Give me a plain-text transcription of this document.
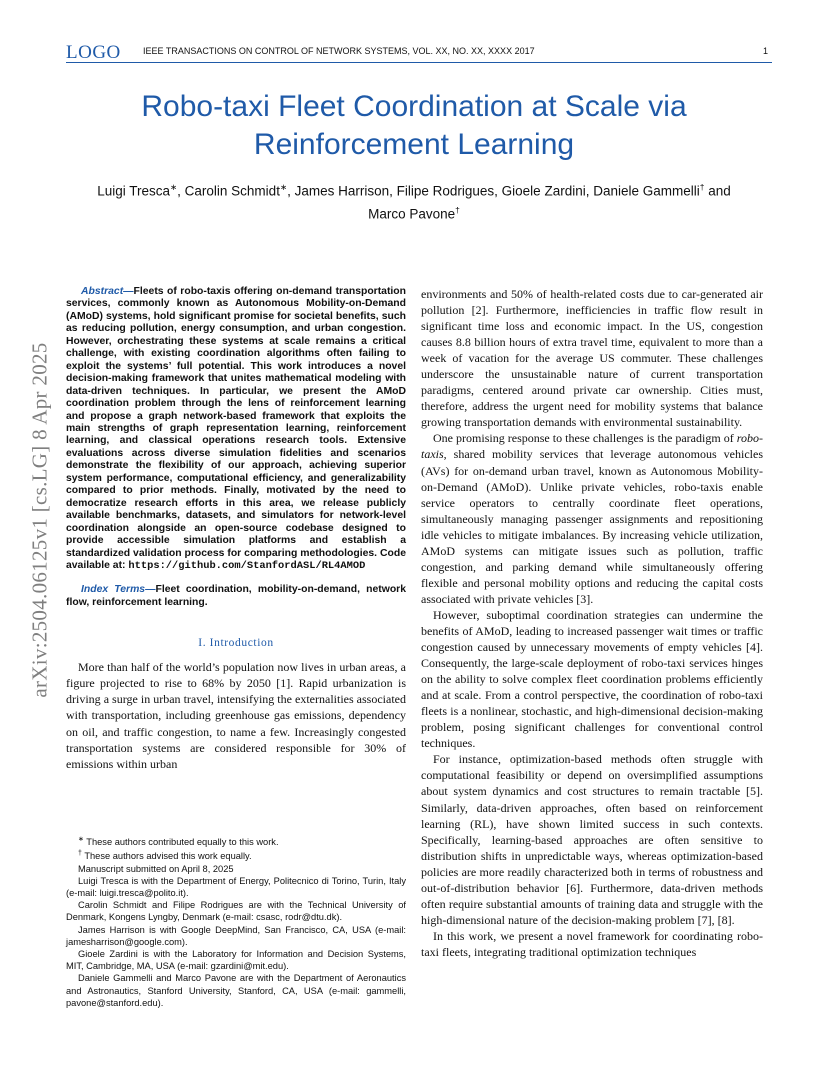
LOGO IEEE TRANSACTIONS ON CONTROL OF NETWORK SYSTEMS, VOL. XX, NO. XX, XXXX 2017	1
Robo-taxi Fleet Coordination at Scale via Reinforcement Learning
Luigi Tresca∗, Carolin Schmidt∗, James Harrison, Filipe Rodrigues, Gioele Zardini, Daniele Gammelli† and Marco Pavone†
arXiv:2504.06125v1 [cs.LG] 8 Apr 2025

Abstract—Fleets of robo-taxis offering on-demand transportation services, commonly known as Autonomous Mobility-on-Demand (AMoD) systems, hold significant promise for societal benefits, such as reducing pollution, energy consumption, and urban congestion. However, orchestrating these systems at scale remains a critical challenge, with existing coordination algorithms often failing to exploit the systems’ full potential. This work introduces a novel decision-making framework that unites mathematical modeling with data-driven techniques. In particular, we present the AMoD coordination problem through the lens of reinforcement learning and propose a graph network-based framework that exploits the main strengths of graph representation learning, reinforcement learning, and classical operations research tools. Extensive evaluations across diverse simulation fidelities and scenarios demonstrate the flexibility of our approach, achieving superior system performance, computational efficiency, and generalizability compared to prior methods. Finally, motivated by the need to democratize research efforts in this area, we release publicly available benchmarks, datasets, and simulators for network-level coordination alongside an open-source codebase designed to provide accessible simulation platforms and establish a standardized validation process for comparing methodologies. Code available at: https://github.com/StanfordASL/RL4AMOD

Index Terms—Fleet coordination, mobility-on-demand, network flow, reinforcement learning.

I. Introduction

More than half of the world’s population now lives in urban areas, a figure projected to rise to 68% by 2050 [1]. Rapid urbanization is driving a surge in urban travel, intensifying the externalities associated with transportation, including greenhouse gas emissions, dependency on oil, and traffic congestion, to name a few. Increasingly congested transportation systems are considered responsible for 30% of emissions within urban

∗ These authors contributed equally to this work.

† These authors advised this work equally.

Manuscript submitted on April 8, 2025

Luigi Tresca is with the Department of Energy, Politecnico di Torino, Turin, Italy (e-mail: luigi.tresca@polito.it).

Carolin Schmidt and Filipe Rodrigues are with the Technical University of Denmark, Kongens Lyngby, Denmark (e-mail: csasc, rodr@dtu.dk).

James Harrison is with Google DeepMind, San Francisco, CA, USA (e-mail: jamesharrison@google.com).

Gioele Zardini is with the Laboratory for Information and Decision Systems, MIT, Cambridge, MA, USA (e-mail: gzardini@mit.edu).

Daniele Gammelli and Marco Pavone are with the Department of Aeronautics and Astronautics, Stanford University, Stanford, CA, USA (e-mail: gammelli, pavone@stanford.edu).

environments and 50% of health-related costs due to car-generated air pollution [2]. Furthermore, inefficiencies in traffic flow result in significant time loss and economic impact. In the US, congestion causes 8.8 billion hours of extra travel time, equivalent to more than a week of vacation for the average US commuter. These challenges underscore the unsustainable nature of current transportation paradigms, centered around private car ownership. Cities must, therefore, address the urgent need for mobility systems that balance growing transportation demands with environmental sustainability.

One promising response to these challenges is the paradigm of robo-taxis, shared mobility services that leverage autonomous vehicles (AVs) for on-demand urban travel, known as Autonomous Mobility-on-Demand (AMoD). Unlike private vehicles, robo-taxis enable service operators to centrally coordinate fleet operations, simultaneously managing passenger assignments and repositioning idle vehicles to mitigate imbalances. By increasing vehicle utilization, AMoD systems can mitigate issues such as pollution, traffic congestion, and parking demand while simultaneously offering flexible and personal mobility options and reducing the capital costs associated with private vehicles [3].

However, suboptimal coordination strategies can undermine the benefits of AMoD, leading to increased passenger wait times or traffic congestion caused by unnecessary movements of empty vehicles [4]. Consequently, the large-scale deployment of robo-taxi services hinges on the ability to solve complex fleet coordination problems efficiently and at scale. From a control perspective, the coordination of robo-taxi fleets is a nonlinear, stochastic, and high-dimensional decision-making problem, posing significant challenges for conventional control techniques.

For instance, optimization-based methods often struggle with computational feasibility or depend on oversimplified assumptions about system dynamics and cost structures to remain tractable [5]. Similarly, data-driven approaches, often based on reinforcement learning (RL), have shown limited success in such contexts. Specifically, learning-based approaches are often sensitive to distribution shifts in unpredictable ways, whereas optimization-based policies are more readily characterized both in terms of robustness and out-of-distribution behavior [6]. Furthermore, data-driven methods often require substantial amounts of training data and struggle with the high-dimensional nature of the decision-making problem [7], [8].

In this work, we present a novel framework for coordinating robo-taxi fleets, integrating traditional optimization techniques
